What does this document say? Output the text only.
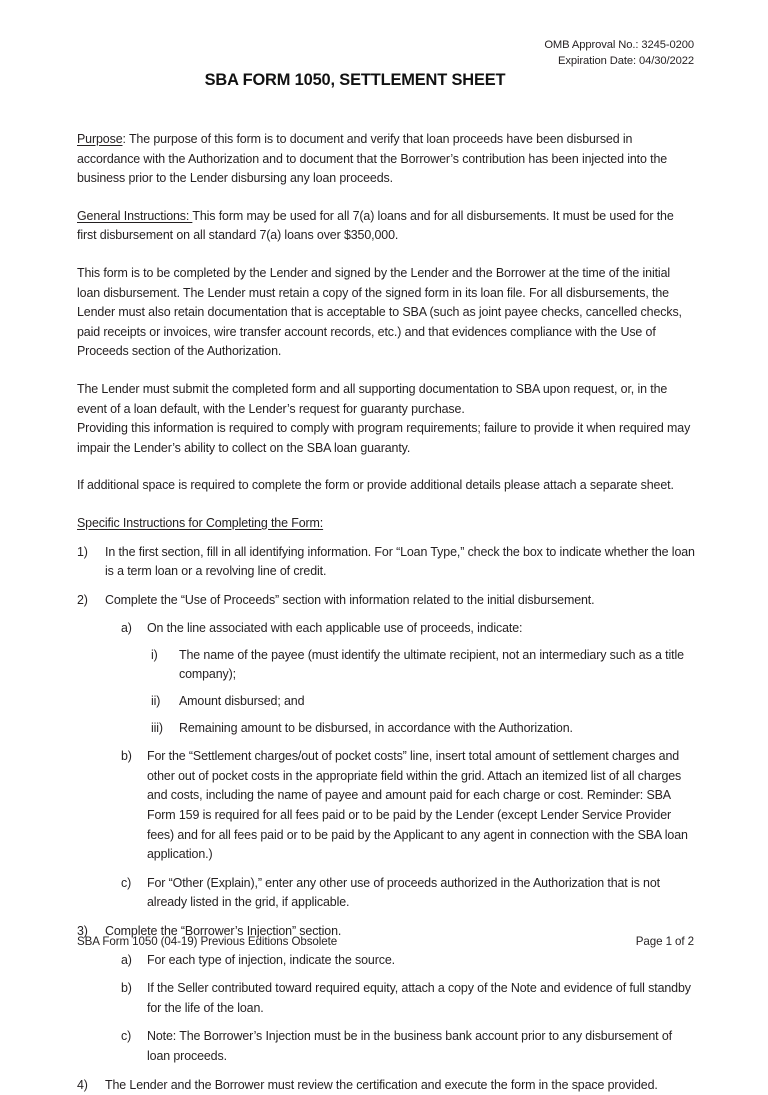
OMB Approval No.: 3245-0200
Expiration Date: 04/30/2022
SBA FORM 1050, SETTLEMENT SHEET

Purpose: The purpose of this form is to document and verify that loan proceeds have been disbursed in accordance with the Authorization and to document that the Borrower’s contribution has been injected into the business prior to the Lender disbursing any loan proceeds.

General Instructions: This form may be used for all 7(a) loans and for all disbursements. It must be used for the first disbursement on all standard 7(a) loans over $350,000.

This form is to be completed by the Lender and signed by the Lender and the Borrower at the time of the initial loan disbursement. The Lender must retain a copy of the signed form in its loan file. For all disbursements, the Lender must also retain documentation that is acceptable to SBA (such as joint payee checks, cancelled checks, paid receipts or invoices, wire transfer account records, etc.) and that evidences compliance with the Use of Proceeds section of the Authorization.

The Lender must submit the completed form and all supporting documentation to SBA upon request, or, in the event of a loan default, with the Lender’s request for guaranty purchase.

Providing this information is required to comply with program requirements; failure to provide it when required may impair the Lender’s ability to collect on the SBA loan guaranty.

If additional space is required to complete the form or provide additional details please attach a separate sheet.

Specific Instructions for Completing the Form:

1)	In the first section, fill in all identifying information. For “Loan Type,” check the box to indicate whether the loan is a term loan or a revolving line of credit.
2)	Complete the “Use of Proceeds” section with information related to the initial disbursement.
a)	On the line associated with each applicable use of proceeds, indicate:
i)	The name of the payee (must identify the ultimate recipient, not an intermediary such as a title company);
ii)	Amount disbursed; and
iii)	Remaining amount to be disbursed, in accordance with the Authorization.
b)	For the “Settlement charges/out of pocket costs” line, insert total amount of settlement charges and other out of pocket costs in the appropriate field within the grid. Attach an itemized list of all charges and costs, including the name of payee and amount paid for each charge or cost. Reminder: SBA Form 159 is required for all fees paid or to be paid by the Lender (except Lender Service Provider fees) and for all fees paid or to be paid by the Applicant to any agent in connection with the SBA loan application.)
c)	For “Other (Explain),” enter any other use of proceeds authorized in the Authorization that is not already listed in the grid, if applicable.
3)	Complete the “Borrower’s Injection” section.
a)	For each type of injection, indicate the source.
b)	If the Seller contributed toward required equity, attach a copy of the Note and evidence of full standby for the life of the loan.
c)	Note: The Borrower’s Injection must be in the business bank account prior to any disbursement of loan proceeds.
4)	The Lender and the Borrower must review the certification and execute the form in the space provided.
SBA Form 1050 (04-19) Previous Editions Obsolete	Page 1 of 2
